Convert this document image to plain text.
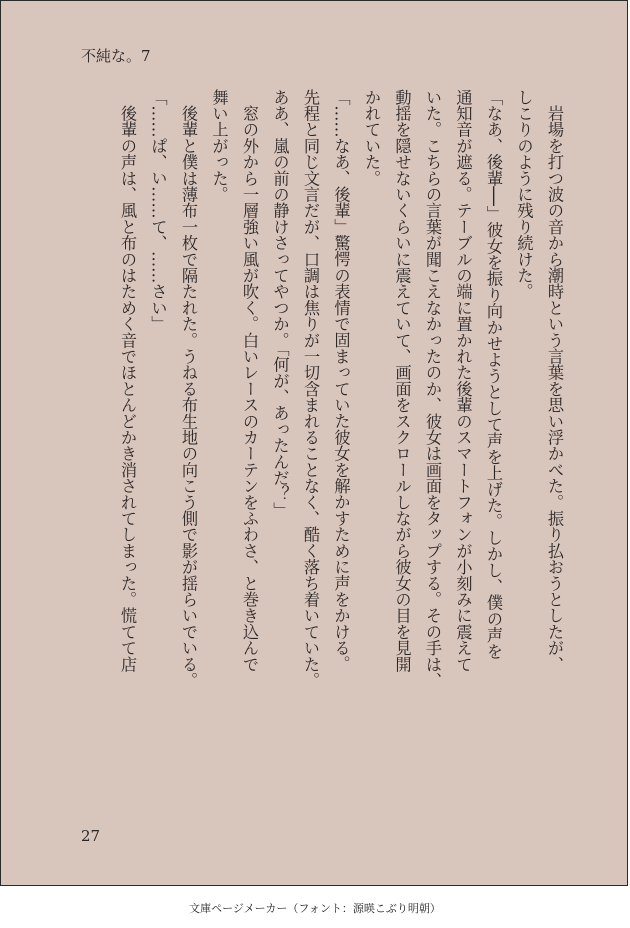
不純な。7
　岩場を打つ波の音から潮時という言葉を思い浮かべた。振り払おうとしたが、
しこりのように残り続けた。
「なあ、後輩──」彼女を振り向かせようとして声を上げた。しかし、僕の声を
通知音が遮る。テーブルの端に置かれた後輩のスマートフォンが小刻みに震えて
いた。こちらの言葉が聞こえなかったのか、彼女は画面をタップする。その手は、
動揺を隠せないくらいに震えていて、画面をスクロールしながら彼女の目を見開
かれていた。
「……なあ、後輩」驚愕の表情で固まっていた彼女を解かすために声をかける。
先程と同じ文言だが、口調は焦りが一切含まれることなく、酷く落ち着いていた。
ああ、嵐の前の静けさってやつか。「何が、あったんだ？」
　窓の外から一層強い風が吹く。白いレースのカーテンをふわさ、と巻き込んで
舞い上がった。
　後輩と僕は薄布一枚で隔たれた。うねる布生地の向こう側で影が揺らいでいる。
「……ぱ、い……て、……さい」
　後輩の声は、風と布のはためく音でほとんどかき消されてしまった。慌てて店
27
文庫ページメーカー（フォント：源暎こぶり明朝）
